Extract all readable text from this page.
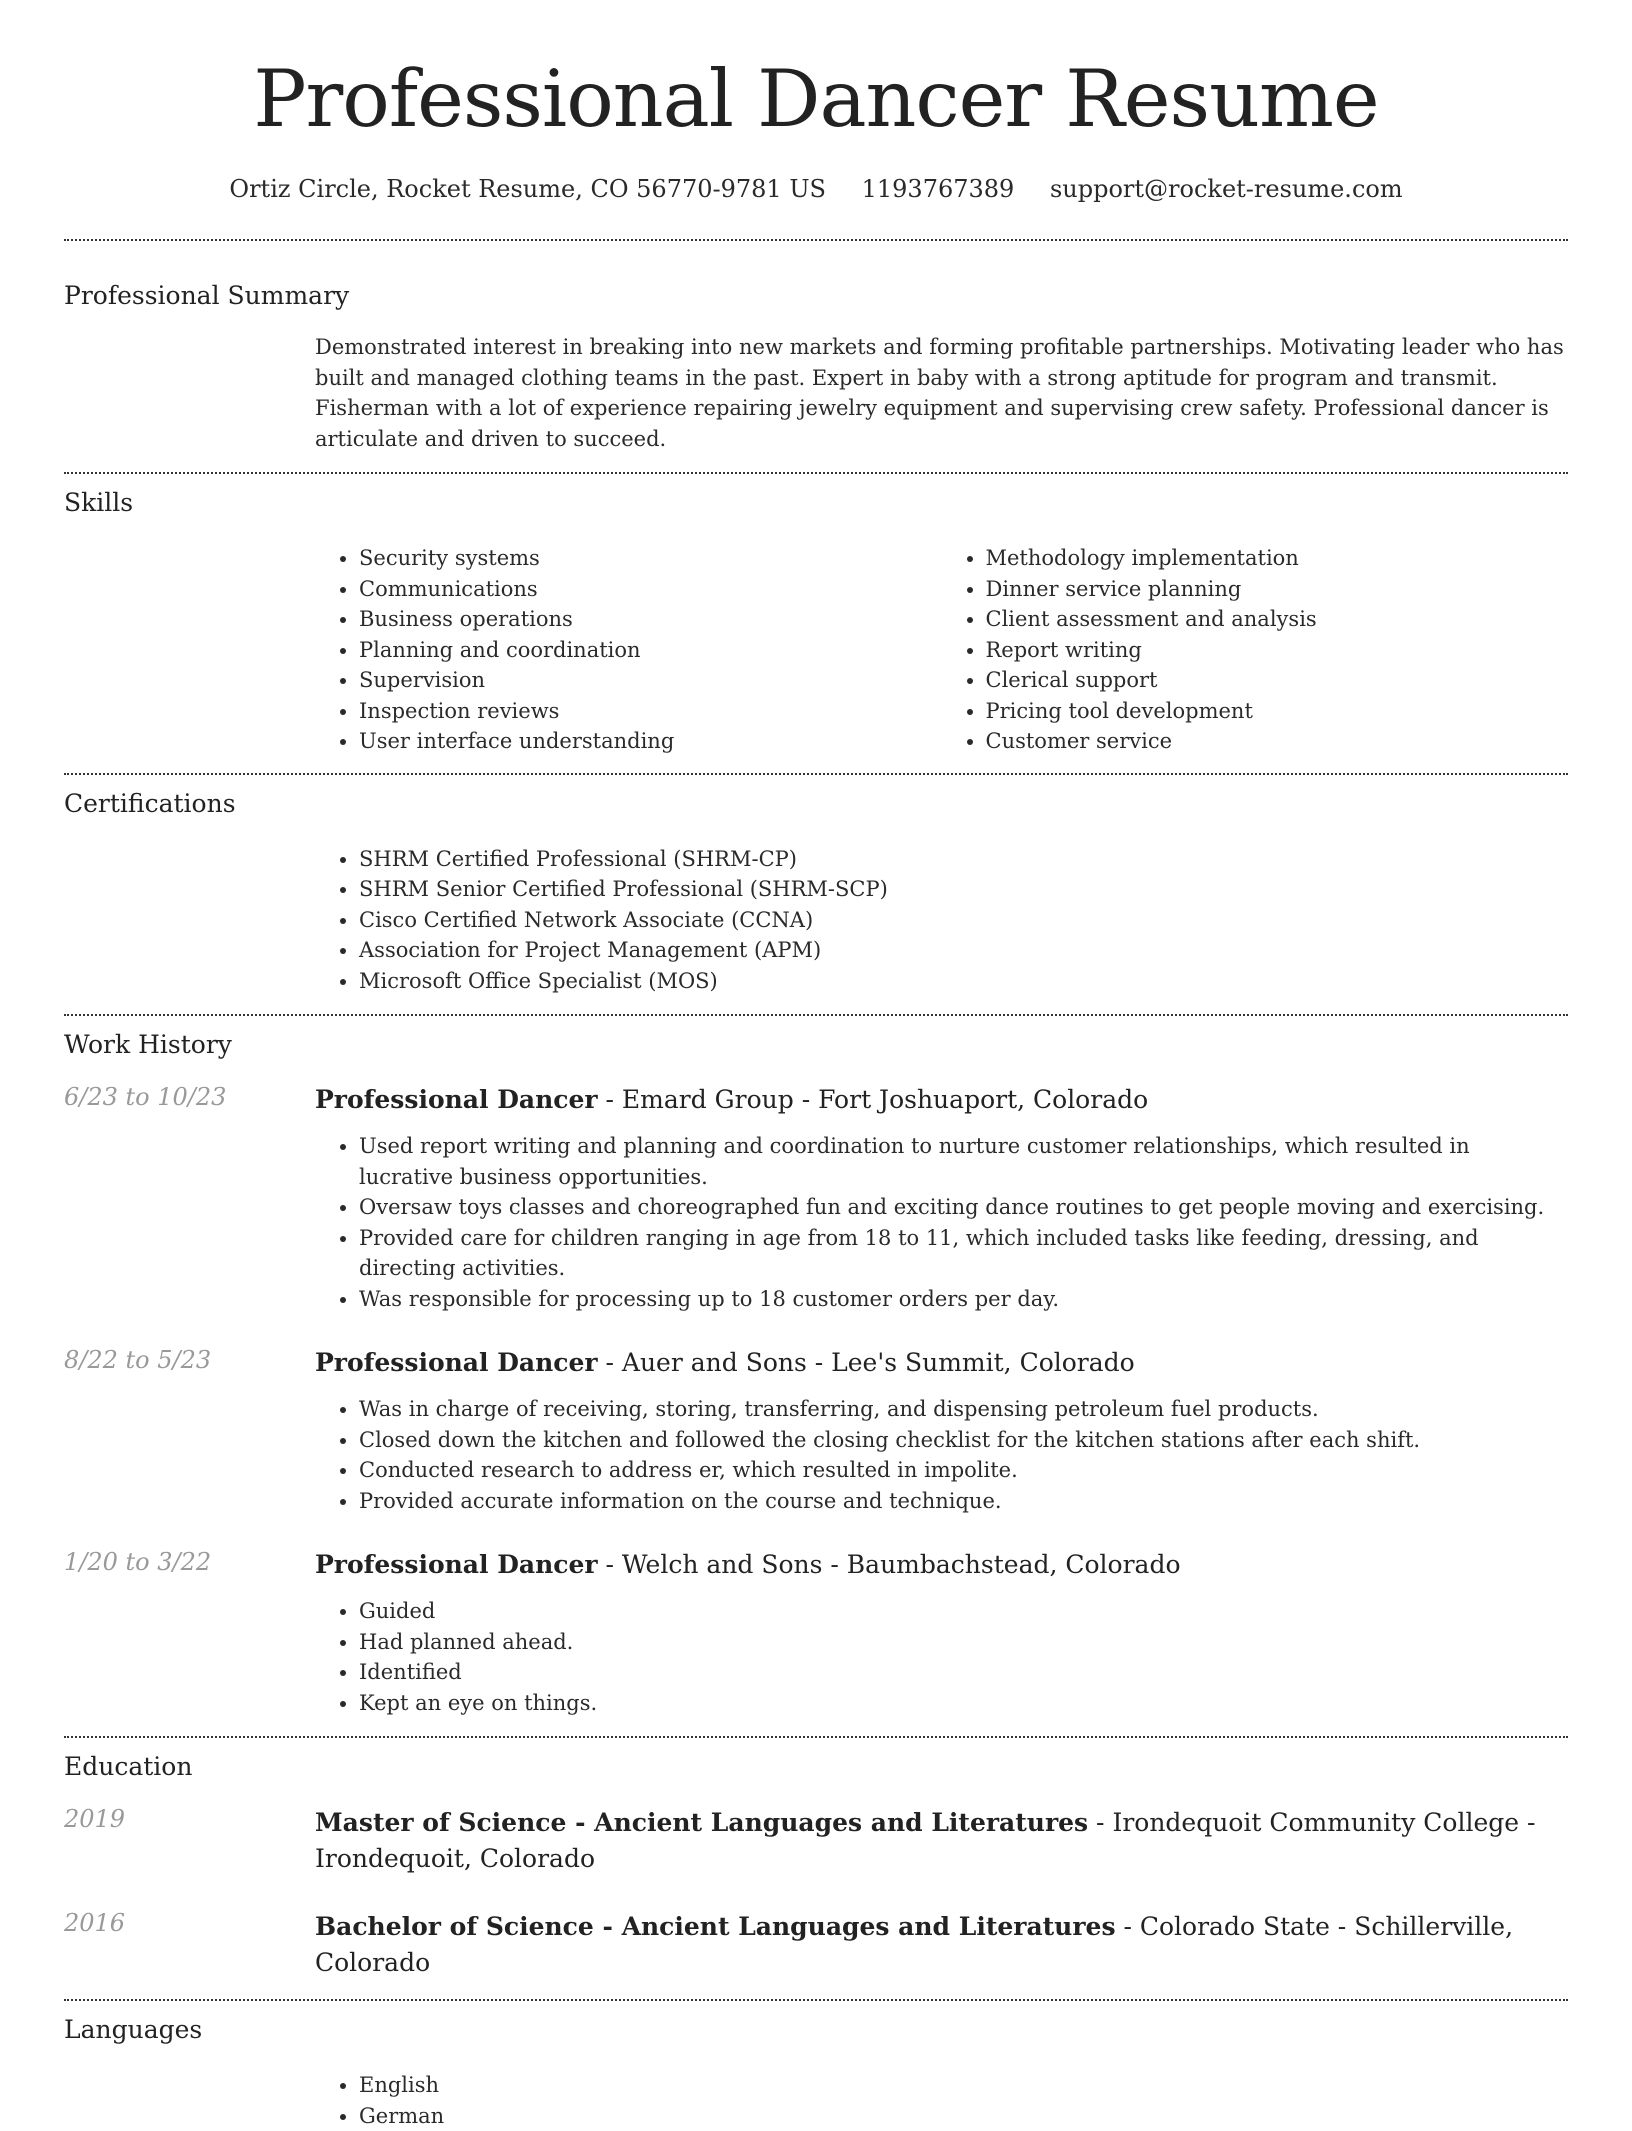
Professional Dancer Resume
Ortiz Circle, Rocket Resume, CO 56770-9781 US 1193767389 support@rocket-resume.com
Professional Summary
Demonstrated interest in breaking into new markets and forming profitable partnerships. Motivating leader who has built and managed clothing teams in the past. Expert in baby with a strong aptitude for program and transmit. Fisherman with a lot of experience repairing jewelry equipment and supervising crew safety. Professional dancer is articulate and driven to succeed.
Skills
• Security systems
• Communications
• Business operations
• Planning and coordination
• Supervision
• Inspection reviews
• User interface understanding
• Methodology implementation
• Dinner service planning
• Client assessment and analysis
• Report writing
• Clerical support
• Pricing tool development
• Customer service
Certifications
• SHRM Certified Professional (SHRM-CP)
• SHRM Senior Certified Professional (SHRM-SCP)
• Cisco Certified Network Associate (CCNA)
• Association for Project Management (APM)
• Microsoft Office Specialist (MOS)
Work History
6/23 to 10/23	Professional Dancer - Emard Group - Fort Joshuaport, Colorado
• Used report writing and planning and coordination to nurture customer relationships, which resulted in lucrative business opportunities.
• Oversaw toys classes and choreographed fun and exciting dance routines to get people moving and exercising.
• Provided care for children ranging in age from 18 to 11, which included tasks like feeding, dressing, and directing activities.
• Was responsible for processing up to 18 customer orders per day.
8/22 to 5/23	Professional Dancer - Auer and Sons - Lee's Summit, Colorado
• Was in charge of receiving, storing, transferring, and dispensing petroleum fuel products.
• Closed down the kitchen and followed the closing checklist for the kitchen stations after each shift.
• Conducted research to address er, which resulted in impolite.
• Provided accurate information on the course and technique.
1/20 to 3/22	Professional Dancer - Welch and Sons - Baumbachstead, Colorado
• Guided
• Had planned ahead.
• Identified
• Kept an eye on things.
Education
2019	Master of Science - Ancient Languages and Literatures - Irondequoit Community College - Irondequoit, Colorado
2016	Bachelor of Science - Ancient Languages and Literatures - Colorado State - Schillerville, Colorado
Languages
• English
• German
